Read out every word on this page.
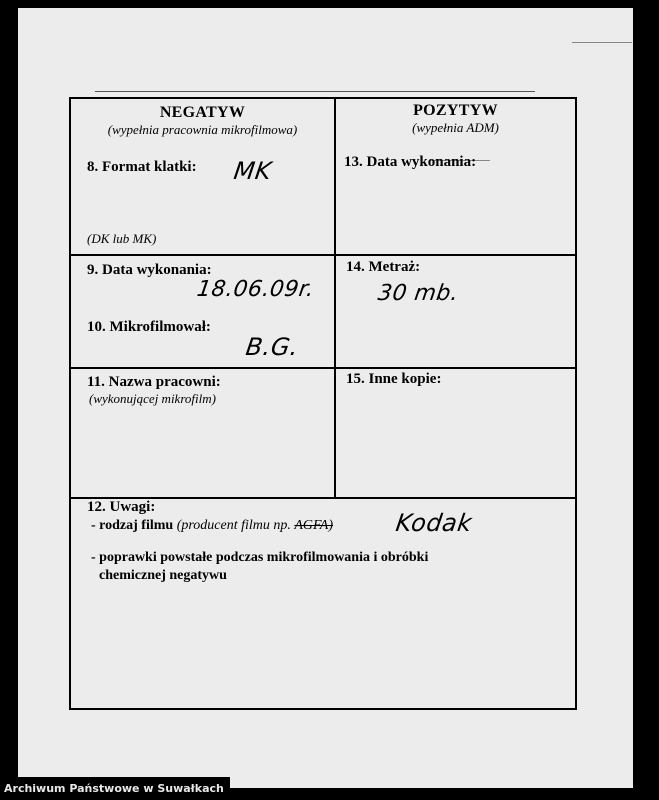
NEGATYW
(wypełnia pracownia mikrofilmowa)
8. Format klatki: MK
(DK lub MK)
9. Data wykonania:
18.06.09r.
10. Mikrofilmował:
B.G.
11. Nazwa pracowni:
(wykonującej mikrofilm)
POZYTYW
(wypełnia ADM)
13. Data wykonania:
14. Metraż:
30 mb.
15. Inne kopie:
12. Uwagi:
- rodzaj filmu (producent filmu np. AGFA)	Kodak
- poprawki powstałe podczas mikrofilmowania i obróbki
chemicznej negatywu
Archiwum Państwowe w Suwałkach
